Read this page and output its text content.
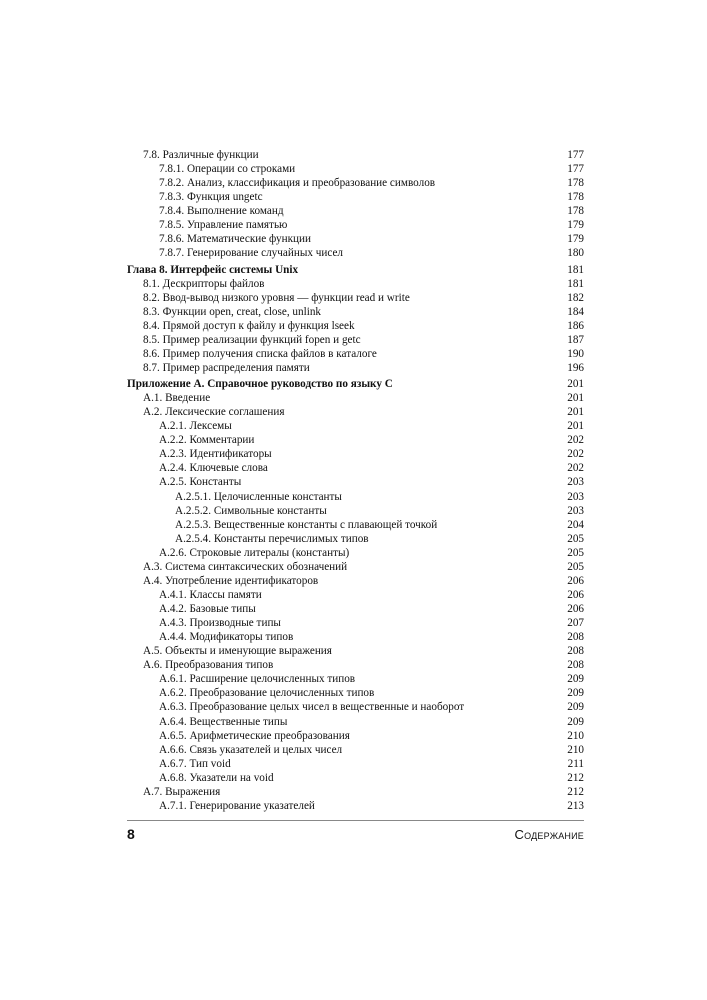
7.8. Различные функции	177
7.8.1. Операции со строками	177
7.8.2. Анализ, классификация и преобразование символов	178
7.8.3. Функция ungetc	178
7.8.4. Выполнение команд	178
7.8.5. Управление памятью	179
7.8.6. Математические функции	179
7.8.7. Генерирование случайных чисел	180
Глава 8. Интерфейс системы Unix	181
8.1. Дескрипторы файлов	181
8.2. Ввод-вывод низкого уровня — функции read и write	182
8.3. Функции open, creat, close, unlink	184
8.4. Прямой доступ к файлу и функция lseek	186
8.5. Пример реализации функций fopen и getc	187
8.6. Пример получения списка файлов в каталоге	190
8.7. Пример распределения памяти	196
Приложение А. Справочное руководство по языку С	201
А.1. Введение	201
А.2. Лексические соглашения	201
А.2.1. Лексемы	201
А.2.2. Комментарии	202
А.2.3. Идентификаторы	202
А.2.4. Ключевые слова	202
А.2.5. Константы	203
А.2.5.1. Целочисленные константы	203
А.2.5.2. Символьные константы	203
А.2.5.3. Вещественные константы с плавающей точкой	204
А.2.5.4. Константы перечислимых типов	205
А.2.6. Строковые литералы (константы)	205
А.3. Система синтаксических обозначений	205
А.4. Употребление идентификаторов	206
А.4.1. Классы памяти	206
А.4.2. Базовые типы	206
А.4.3. Производные типы	207
А.4.4. Модификаторы типов	208
А.5. Объекты и именующие выражения	208
А.6. Преобразования типов	208
А.6.1. Расширение целочисленных типов	209
А.6.2. Преобразование целочисленных типов	209
А.6.3. Преобразование целых чисел в вещественные и наоборот	209
А.6.4. Вещественные типы	209
А.6.5. Арифметические преобразования	210
А.6.6. Связь указателей и целых чисел	210
А.6.7. Тип void	211
А.6.8. Указатели на void	212
А.7. Выражения	212
А.7.1. Генерирование указателей	213
8	Содержание
